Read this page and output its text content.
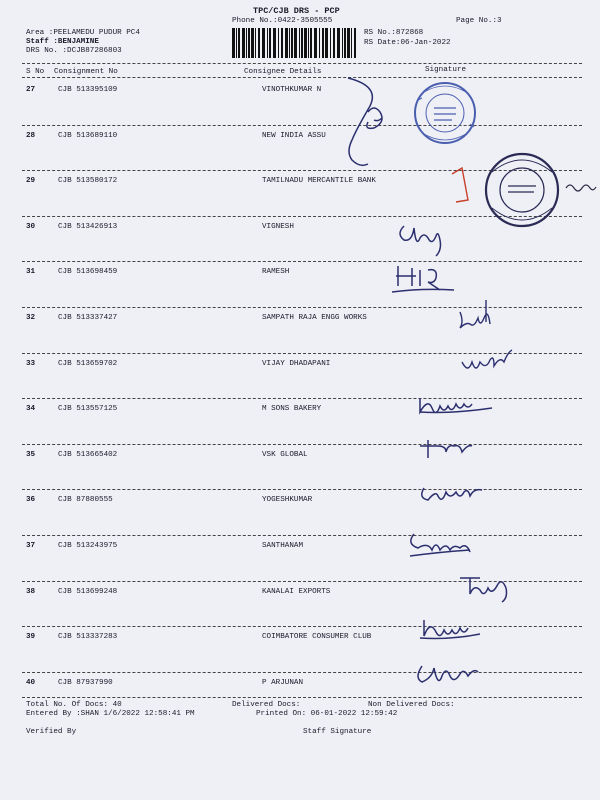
TPC/CJB DRS - PCP
Phone No.:0422-3505555	Page No.:3
Area :PEELAMEDU PUDUR PC4
Staff :BENJAMINE
DRS No. :DCJB87286803
RS No.:872868
RS Date:06-Jan-2022
S No Consignment No	Consignee Details	Signature
27	CJB 513395109	VINOTHKUMAR N
28	CJB 513689110	NEW INDIA ASSU
29	CJB 513580172	TAMILNADU MERCANTILE BANK
30	CJB 513426913	VIGNESH
31	CJB 513698459	RAMESH
32	CJB 513337427	SAMPATH RAJA ENGG WORKS
33	CJB 513659702	VIJAY DHADAPANI
34	CJB 513557125	M SONS BAKERY
35	CJB 513665402	VSK GLOBAL
36	CJB 87880555	YOGESHKUMAR
37	CJB 513243975	SANTHANAM
38	CJB 513699248	KANALAI EXPORTS
39	CJB 513337283	COIMBATORE CONSUMER CLUB
40	CJB 87937990	P ARJUNAN
Total No. Of Docs: 40	Delivered Docs:	Non Delivered Docs:
Entered By :SHAN 1/6/2022 12:58:41 PM	Printed On: 06-01-2022 12:59:42
Verified By	Staff Signature
